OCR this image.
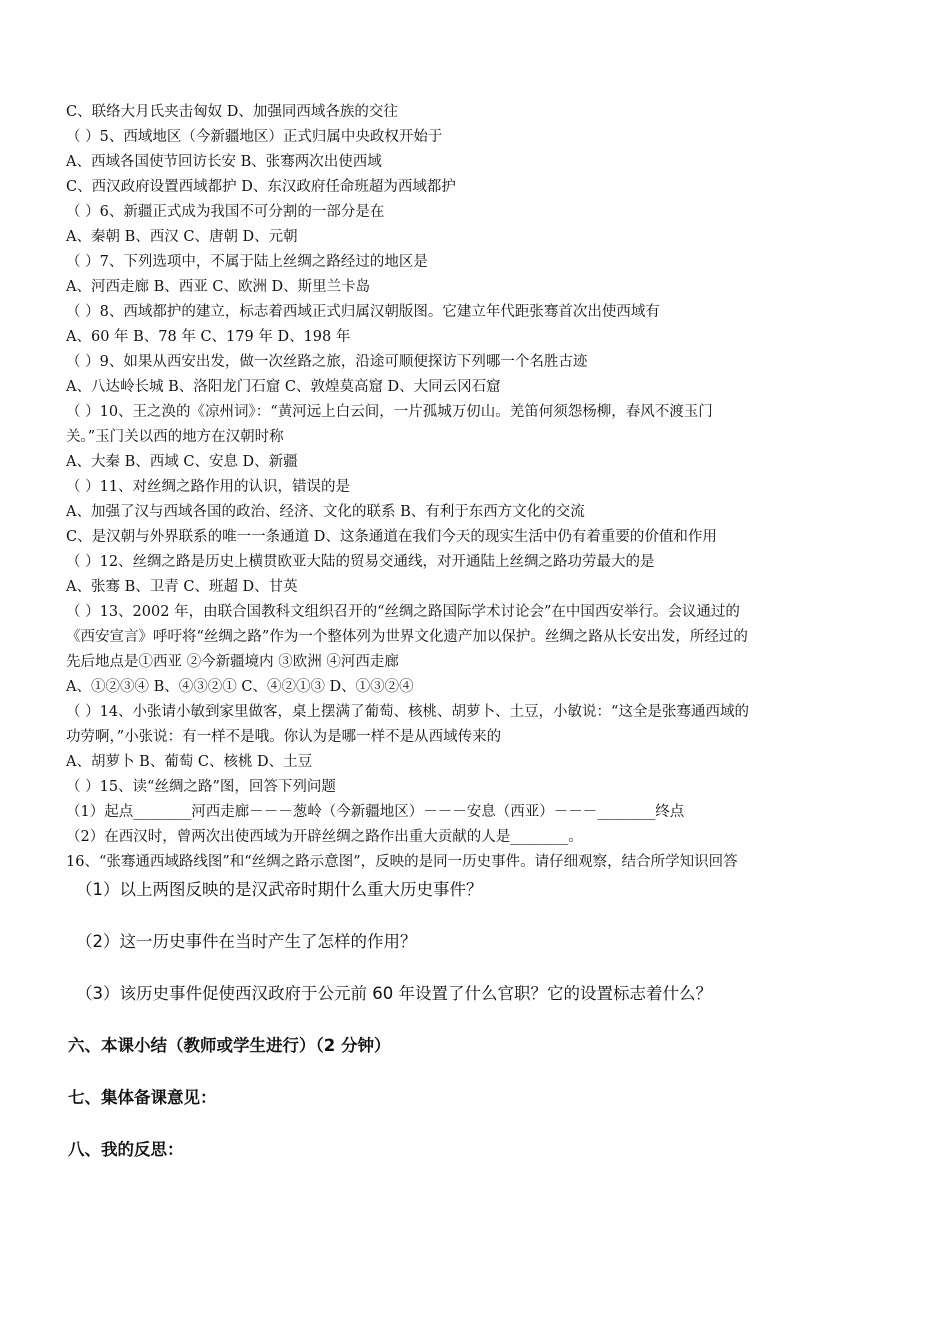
C、联络大月氏夹击匈奴 D、加强同西域各族的交往
（ ）5、西域地区（今新疆地区）正式归属中央政权开始于
A、西域各国使节回访长安 B、张骞两次出使西域
C、西汉政府设置西域都护 D、东汉政府任命班超为西域都护
（ ）6、新疆正式成为我国不可分割的一部分是在
A、秦朝 B、西汉 C、唐朝 D、元朝
（ ）7、下列选项中，不属于陆上丝绸之路经过的地区是
A、河西走廊 B、西亚 C、欧洲 D、斯里兰卡岛
（ ）8、西域都护的建立，标志着西域正式归属汉朝版图。它建立年代距张骞首次出使西域有
A、60 年 B、78 年 C、179 年 D、198 年
（ ）9、如果从西安出发，做一次丝路之旅，沿途可顺便探访下列哪一个名胜古迹
A、八达岭长城 B、洛阳龙门石窟 C、敦煌莫高窟 D、大同云冈石窟
（ ）10、王之涣的《凉州词》：“黄河远上白云间，一片孤城万仞山。羌笛何须怨杨柳，春风不渡玉门
关。”玉门关以西的地方在汉朝时称
A、大秦 B、西域 C、安息 D、新疆
（ ）11、对丝绸之路作用的认识，错误的是
A、加强了汉与西域各国的政治、经济、文化的联系 B、有利于东西方文化的交流
C、是汉朝与外界联系的唯一一条通道 D、这条通道在我们今天的现实生活中仍有着重要的价值和作用
（ ）12、丝绸之路是历史上横贯欧亚大陆的贸易交通线，对开通陆上丝绸之路功劳最大的是
A、张骞 B、卫青 C、班超 D、甘英
（ ）13、2002 年，由联合国教科文组织召开的“丝绸之路国际学术讨论会”在中国西安举行。会议通过的
《西安宣言》呼吁将“丝绸之路”作为一个整体列为世界文化遗产加以保护。丝绸之路从长安出发，所经过的
先后地点是①西亚 ②今新疆境内 ③欧洲 ④河西走廊
A、①②③④ B、④③②① C、④②①③ D、①③②④
（ ）14、小张请小敏到家里做客，桌上摆满了葡萄、核桃、胡萝卜、土豆，小敏说：“这全是张骞通西域的
功劳啊，”小张说：有一样不是哦。你认为是哪一样不是从西域传来的
A、胡萝卜 B、葡萄 C、核桃 D、土豆
（ ）15、读“丝绸之路”图，回答下列问题
（1）起点________河西走廊－－－葱岭（今新疆地区）－－－安息（西亚）－－－________终点
（2）在西汉时，曾两次出使西域为开辟丝绸之路作出重大贡献的人是________。
16、“张骞通西域路线图”和“丝绸之路示意图”，反映的是同一历史事件。请仔细观察，结合所学知识回答
（1）以上两图反映的是汉武帝时期什么重大历史事件？
（2）这一历史事件在当时产生了怎样的作用？
（3）该历史事件促使西汉政府于公元前 60 年设置了什么官职？它的设置标志着什么？
六、本课小结（教师或学生进行）（2 分钟）
七、集体备课意见：
八、我的反思：
